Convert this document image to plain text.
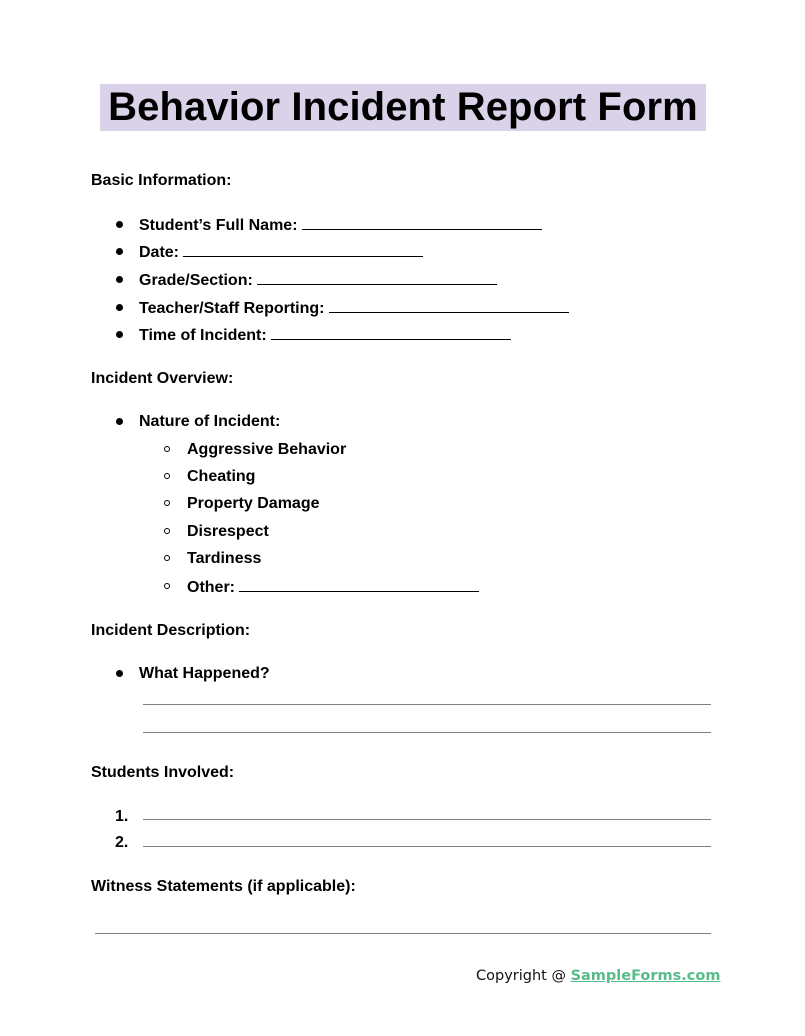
Behavior Incident Report Form
Basic Information:
Student’s Full Name:
Date:
Grade/Section:
Teacher/Staff Reporting:
Time of Incident:
Incident Overview:
Nature of Incident:
Aggressive Behavior
Cheating
Property Damage
Disrespect
Tardiness
Other:
Incident Description:
What Happened?
Students Involved:
1.
2.
Witness Statements (if applicable):
Copyright @ SampleForms.com
